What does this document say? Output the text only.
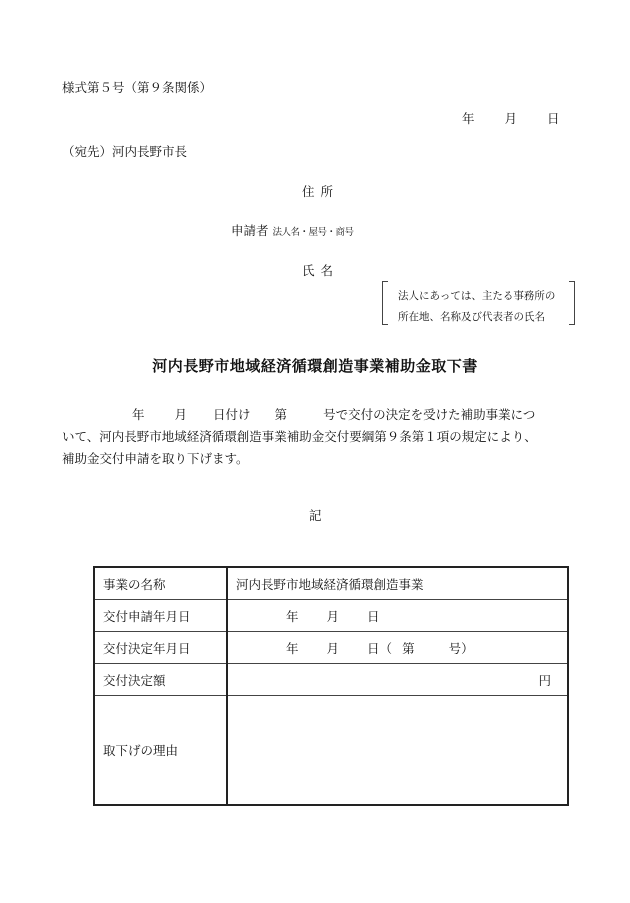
様式第５号（第９条関係）
年 月 日
（宛先）河内長野市長
住所
申請者 法人名・屋号・商号
氏名
法人にあっては、主たる事務所の
所在地、名称及び代表者の氏名
河内長野市地域経済循環創造事業補助金取下書
年 月 日付け 第	号で交付の決定を受けた補助事業につ
いて、河内長野市地域経済循環創造事業補助金交付要綱第９条第１項の規定により、
補助金交付申請を取り下げます。
記
事業の名称	河内長野市地域経済循環創造事業
交付申請年月日	年 月 日
交付決定年月日	年 月 日（ 第 号）
交付決定額	円

取下げの理由	
